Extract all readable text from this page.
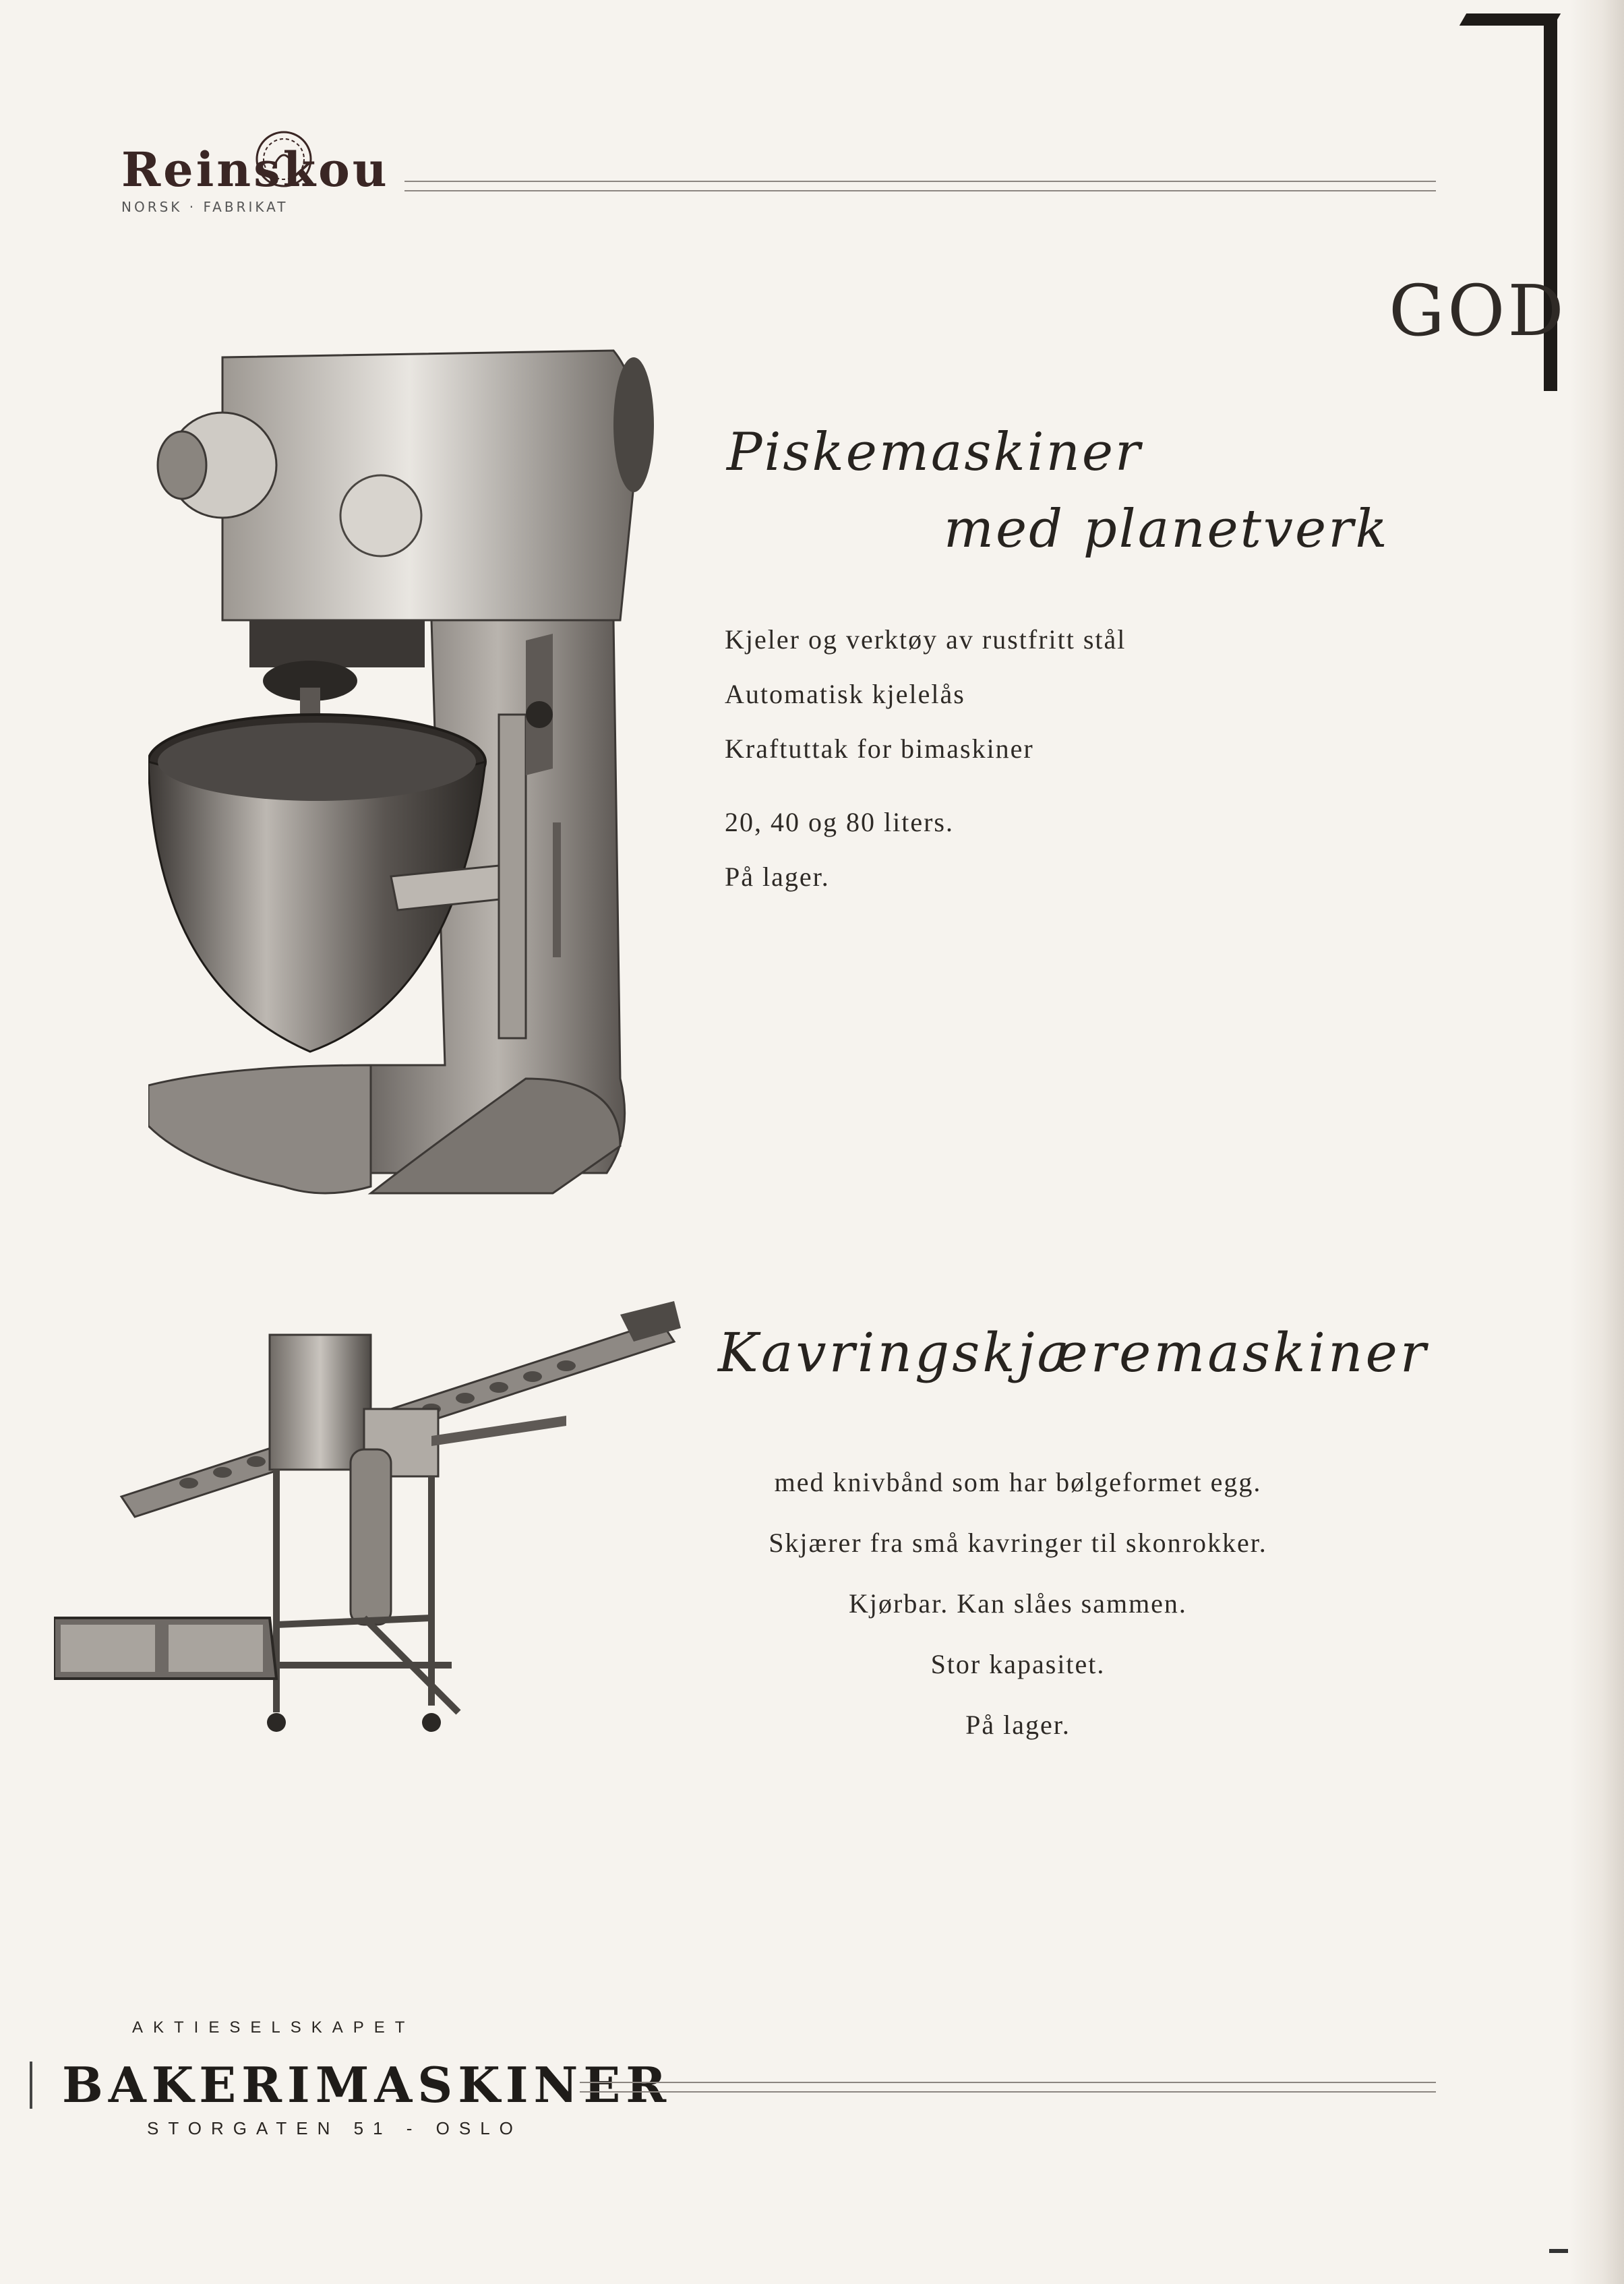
Reinskou
NORSK · FABRIKAT
GOD
Piskemaskiner
med planetverk
Kjeler og verktøy av rustfritt stål
Automatisk kjelelås
Kraftuttak for bimaskiner
20, 40 og 80 liters.
På lager.
Kavringskjæremaskiner
med knivbånd som har bølgeformet egg.
Skjærer fra små kavringer til skonrokker.
Kjørbar. Kan slåes sammen.
Stor kapasitet.
På lager.
AKTIESELSKAPET
BAKERIMASKINER
STORGATEN 51 - OSLO
